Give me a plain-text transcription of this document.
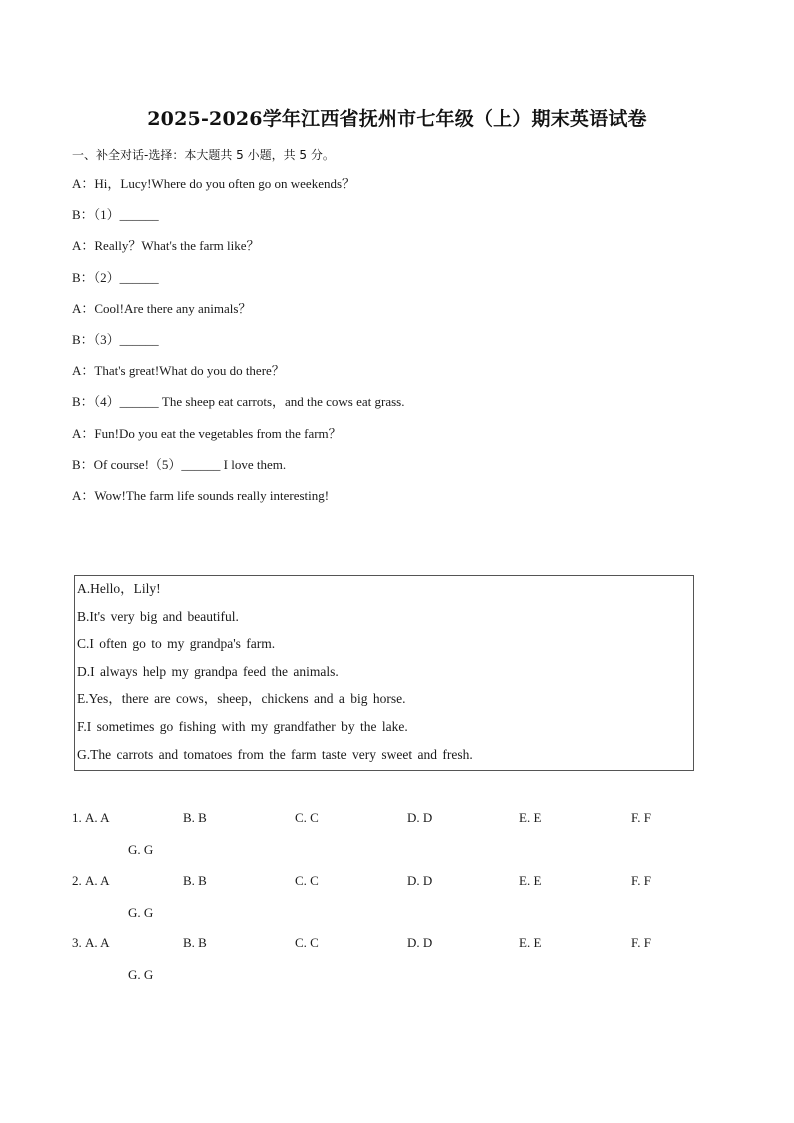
2025-2026学年江西省抚州市七年级（上）期末英语试卷
一、补全对话-选择：本大题共 5 小题，共 5 分。
A：Hi，Lucy!Where do you often go on weekends？
B：（1）______
A：Really？What's the farm like？
B：（2）______
A：Cool!Are there any animals？
B：（3）______
A：That's great!What do you do there？
B：（4）______ The sheep eat carrots，and the cows eat grass.
A：Fun!Do you eat the vegetables from the farm？
B：Of course!（5）______ I love them.
A：Wow!The farm life sounds really interesting!
A.Hello，Lily!
B.It's very big and beautiful.
C.I often go to my grandpa's farm.
D.I always help my grandpa feed the animals.
E.Yes，there are cows，sheep，chickens and a big horse.
F.I sometimes go fishing with my grandfather by the lake.
G.The carrots and tomatoes from the farm taste very sweet and fresh.
1. A. A	B. B	C. C	D. D	E. E	F. F
G. G
2. A. A	B. B	C. C	D. D	E. E	F. F
G. G
3. A. A	B. B	C. C	D. D	E. E	F. F
G. G
